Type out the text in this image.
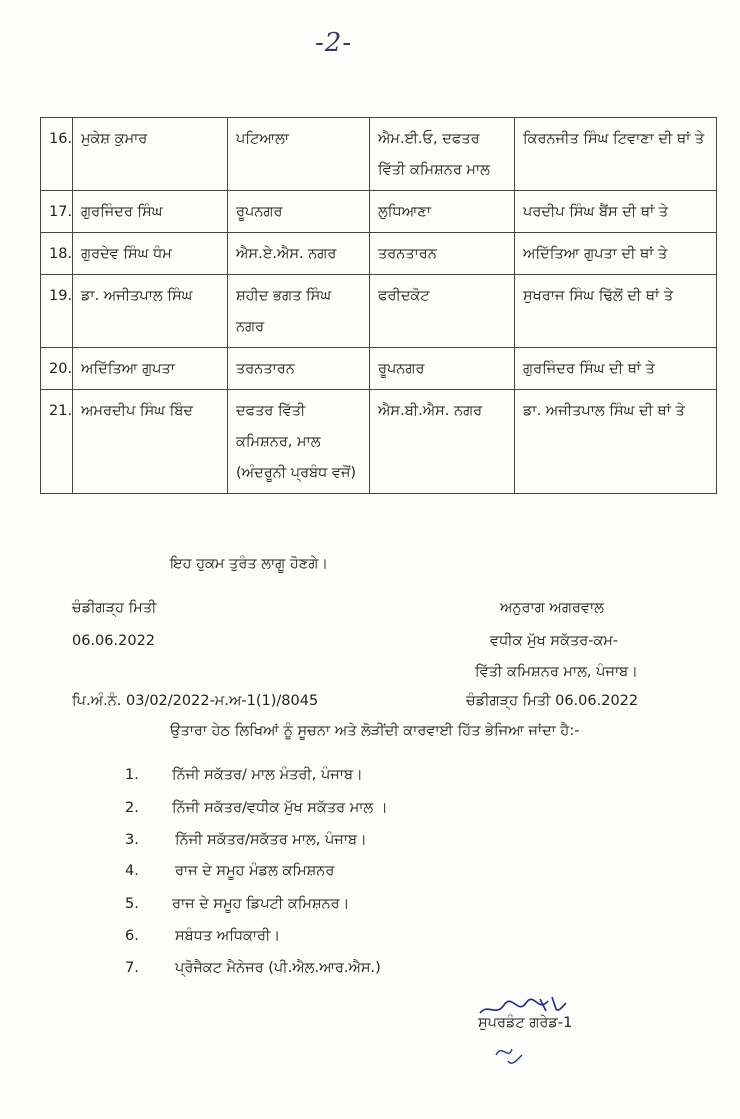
-2-
16.	ਮੁਕੇਸ਼ ਕੁਮਾਰ	ਪਟਿਆਲਾ	ਐਮ.ਈ.ਓ, ਦਫਤਰ ਵਿੱਤੀ ਕਮਿਸ਼ਨਰ ਮਾਲ	ਕਿਰਨਜੀਤ ਸਿੰਘ ਟਿਵਾਣਾ ਦੀ ਥਾਂ ਤੇ
17.	ਗੁਰਜਿੰਦਰ ਸਿੰਘ	ਰੂਪਨਗਰ	ਲੁਧਿਆਣਾ	ਪਰਦੀਪ ਸਿੰਘ ਬੈਂਸ ਦੀ ਥਾਂ ਤੇ
18.	ਗੁਰਦੇਵ ਸਿੰਘ ਧੰਮ	ਐਸ.ਏ.ਐਸ. ਨਗਰ	ਤਰਨਤਾਰਨ	ਅਦਿੱਤਿਆ ਗੁਪਤਾ ਦੀ ਥਾਂ ਤੇ
19.	ਡਾ. ਅਜੀਤਪਾਲ ਸਿੰਘ	ਸ਼ਹੀਦ ਭਗਤ ਸਿੰਘ ਨਗਰ	ਫਰੀਦਕੋਟ	ਸੁਖਰਾਜ ਸਿੰਘ ਢਿੱਲੋਂ ਦੀ ਥਾਂ ਤੇ
20.	ਅਦਿੱਤਿਆ ਗੁਪਤਾ	ਤਰਨਤਾਰਨ	ਰੂਪਨਗਰ	ਗੁਰਜਿੰਦਰ ਸਿੰਘ ਦੀ ਥਾਂ ਤੇ
21.	ਅਮਰਦੀਪ ਸਿੰਘ ਬਿੰਦ	ਦਫਤਰ ਵਿੱਤੀ ਕਮਿਸ਼ਨਰ, ਮਾਲ (ਅੰਦਰੂਨੀ ਪ੍ਰਬੰਧ ਵਜੋਂ)	ਐਸ.ਬੀ.ਐਸ. ਨਗਰ	ਡਾ. ਅਜੀਤਪਾਲ ਸਿੰਘ ਦੀ ਥਾਂ ਤੇ
ਇਹ ਹੁਕਮ ਤੁਰੰਤ ਲਾਗੂ ਹੋਣਗੇ।
ਚੰਡੀਗੜ੍ਹ ਮਿਤੀ
06.06.2022
ਅਨੁਰਾਗ ਅਗਰਵਾਲ
ਵਧੀਕ ਮੁੱਖ ਸਕੱਤਰ-ਕਮ-
ਵਿੱਤੀ ਕਮਿਸ਼ਨਰ ਮਾਲ, ਪੰਜਾਬ।
ਪਿ.ਅੰ.ਨੰ. 03/02/2022-ਮ.ਅ-1(1)/8045	ਚੰਡੀਗੜ੍ਹ ਮਿਤੀ 06.06.2022
ਉਤਾਰਾ ਹੇਠ ਲਿਖਿਆਂ ਨੂੰ ਸੂਚਨਾ ਅਤੇ ਲੋੜੀਂਦੀ ਕਾਰਵਾਈ ਹਿੱਤ ਭੇਜਿਆ ਜਾਂਦਾ ਹੈ:-
1. ਨਿੱਜੀ ਸਕੱਤਰ/ ਮਾਲ ਮੰਤਰੀ, ਪੰਜਾਬ।
2. ਨਿੱਜੀ ਸਕੱਤਰ/ਵਧੀਕ ਮੁੱਖ ਸਕੱਤਰ ਮਾਲ ।
3. ਨਿੱਜੀ ਸਕੱਤਰ/ਸਕੱਤਰ ਮਾਲ, ਪੰਜਾਬ।
4. ਰਾਜ ਦੇ ਸਮੂਹ ਮੰਡਲ ਕਮਿਸ਼ਨਰ
5. ਰਾਜ ਦੇ ਸਮੂਹ ਡਿਪਟੀ ਕਮਿਸ਼ਨਰ।
6. ਸਬੰਧਤ ਅਧਿਕਾਰੀ।
7. ਪ੍ਰੋਜੈਕਟ ਮੈਨੇਜਰ (ਪੀ.ਐਲ.ਆਰ.ਐਸ.)
ਸੁਪਰਡੰਟ ਗਰੇਡ-1
